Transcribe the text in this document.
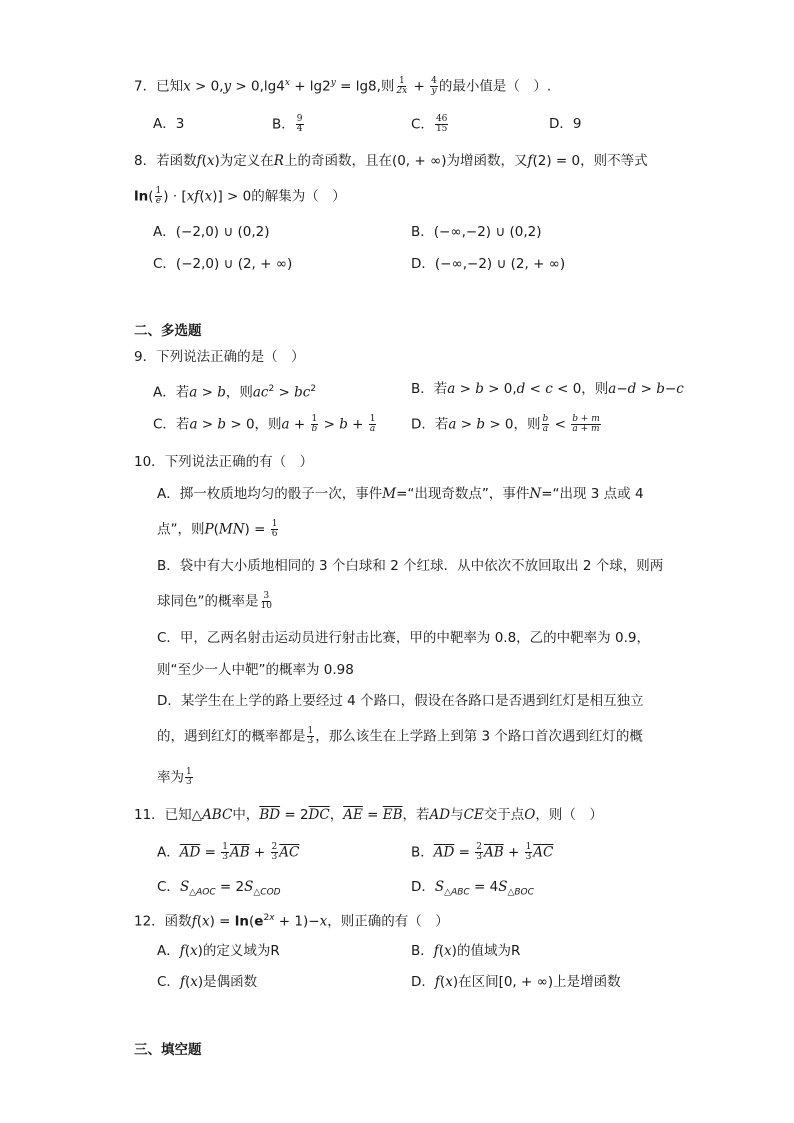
7．已知$x > 0,y > 0,\lg 4^x + \lg 2^y = \lg 8$,则 $\frac{1}{2x} + \frac{4}{y}$ 的最小值是（　）.
A．3	B． $\frac{9}{4}$	C． $\frac{46}{15}$	D．9
8．若函数f(x)为定义在R上的奇函数，且在(0, + ∞)为增函数，又f(2) = 0，则不等式
$\ln( \frac{1}{e}$ ) · [xf(x)] > 0的解集为（　）
A．(−2,0) ∪ (0,2)	B．(−∞,−2) ∪ (0,2)
C．(−2,0) ∪ (2, + ∞)	D．(−∞,−2) ∪ (2, + ∞)
二、多选题
9．下列说法正确的是（　）
A．若a > b，则$ac^2 > bc^2$	B．若a > b > 0,d < c < 0，则a−d > b−c
C．若a > b > 0，则$a + \frac{1}{b} > b + \frac{1}{a}$	D．若a > b > 0，则 $\frac{b}{a} < \frac{b + m}{a + m}$
10．下列说法正确的有（　）
A．掷一枚质地均匀的骰子一次，事件M=“出现奇数点”，事件N=“出现 3 点或 4
点”，则$P(MN) = \frac{1}{6}$
B．袋中有大小质地相同的 3 个白球和 2 个红球．从中依次不放回取出 2 个球，则两
球同色”的概率是 $\frac{3}{10}$
C．甲，乙两名射击运动员进行射击比赛，甲的中靶率为 0.8，乙的中靶率为 0.9，
则“至少一人中靶”的概率为 0.98
D．某学生在上学的路上要经过 4 个路口，假设在各路口是否遇到红灯是相互独立
的，遇到红灯的概率都是 $\frac{1}{3}$ ，那么该生在上学路上到第 3 个路口首次遇到红灯的概
率为 $\frac{1}{3}$
11．已知△ABC中，$\overline{BD} = 2\overline{DC}$，$\overline{AE} = \overline{EB}$，若AD与CE交于点O，则（　）
A．$\overline{AD} = \frac{1}{3} \overline{AB} + \frac{2}{3} \overline{AC}$	B．$\overline{AD} = \frac{2}{3} \overline{AB} + \frac{1}{3} \overline{AC}$
C．$S_{\triangle AOC} = 2S_{\triangle COD}$	D．$S_{\triangle ABC} = 4S_{\triangle BOC}$
12．函数$f(x) = \ln(e^{2x} + 1)-x$，则正确的有（　）
A．f(x)的定义域为R	B．f(x)的值域为R
C．f(x)是偶函数	D．f(x)在区间[0, + ∞)上是增函数
三、填空题
